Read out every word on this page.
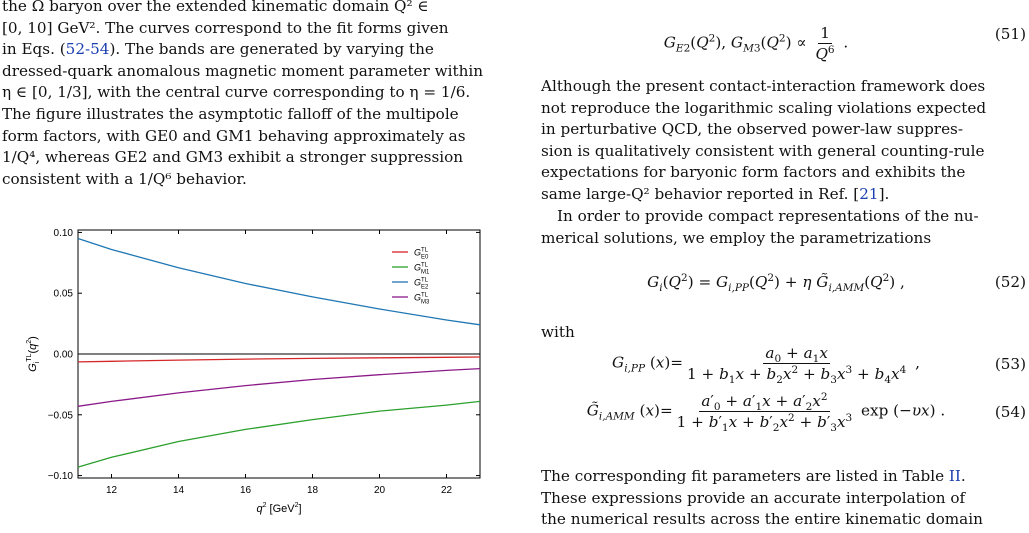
the Ω baryon over the extended kinematic domain Q² ∈
[0, 10] GeV². The curves correspond to the fit forms given
in Eqs. (52-54). The bands are generated by varying the
dressed-quark anomalous magnetic moment parameter within
η ∈ [0, 1/3], with the central curve corresponding to η = 1/6.
The figure illustrates the asymptotic falloff of the multipole
form factors, with GE0 and GM1 behaving approximately as
1/Q⁴, whereas GE2 and GM3 exhibit a stronger suppression
consistent with a 1/Q⁶ behavior.

12	14	16	18	20	22
−0.10
−0.05
0.00
0.05
0.10
$q^2$ [GeV$^2$]
$G_i^{TL}(q^2)$
$G^{TL}$ E0
$G^{TL}$ M1
$G^{TL}$ E2
$G^{TL}$ M3
$G_{E2}(Q^2)$, $G_{M3}(Q^2) \propto \frac{1}{Q^6}$ .	(51)

Although the present contact-interaction framework does
not reproduce the logarithmic scaling violations expected
in perturbative QCD, the observed power-law suppres-
sion is qualitatively consistent with general counting-rule
expectations for baryonic form factors and exhibits the
same large-Q² behavior reported in Ref. [21].

In order to provide compact representations of the nu-
merical solutions, we employ the parametrizations

$G_i(Q^2) = G_{i,PP}(Q^2) + \eta$ $G̃_{i,AMM}(Q^2)$ ,	(52)
with
$G_{i,PP}$ $(x)= \frac{a_0 + a_1x}{1 + b_1x + b_2x^2 + b_3x^3 + b_4x^4}$ ,	(53)
$G̃_{i,AMM}$ $(x)= \frac{a'_0 + a'_1x + a'_2x^2}{1 + b'_1x + b'_2x^2 + b'_3x^3}$ exp (−υx) .	(54)

The corresponding fit parameters are listed in Table II.
These expressions provide an accurate interpolation of
the numerical results across the entire kinematic domain
